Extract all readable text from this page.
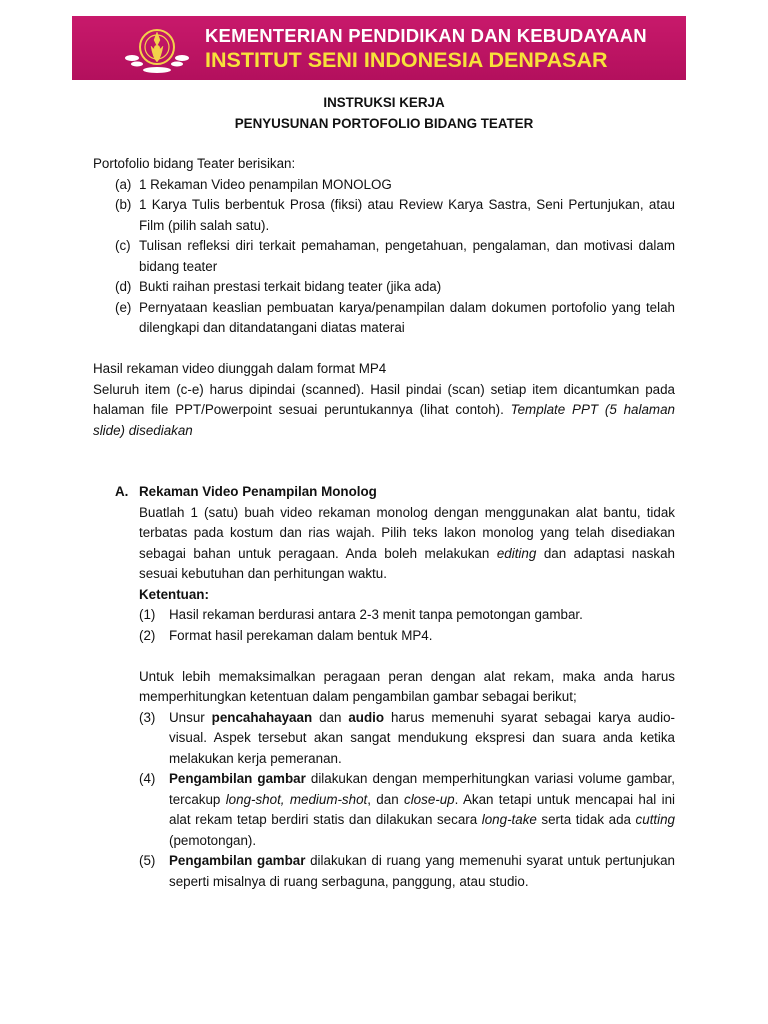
KEMENTERIAN PENDIDIKAN DAN KEBUDAYAAN
INSTITUT SENI INDONESIA DENPASAR

INSTRUKSI KERJA

PENYUSUNAN PORTOFOLIO BIDANG TEATER

Portofolio bidang Teater berisikan:

(a) 1 Rekaman Video penampilan MONOLOG
(b) 1 Karya Tulis berbentuk Prosa (fiksi) atau Review Karya Sastra, Seni Pertunjukan, atau Film (pilih salah satu).
(c) Tulisan refleksi diri terkait pemahaman, pengetahuan, pengalaman, dan motivasi dalam bidang teater
(d) Bukti raihan prestasi terkait bidang teater (jika ada)
(e) Pernyataan keaslian pembuatan karya/penampilan dalam dokumen portofolio yang telah dilengkapi dan ditandatangani diatas materai

Hasil rekaman video diunggah dalam format MP4

Seluruh item (c-e) harus dipindai (scanned). Hasil pindai (scan) setiap item dicantumkan pada halaman file PPT/Powerpoint sesuai peruntukannya (lihat contoh). Template PPT (5 halaman slide) disediakan

A. Rekaman Video Penampilan Monolog

Buatlah 1 (satu) buah video rekaman monolog dengan menggunakan alat bantu, tidak terbatas pada kostum dan rias wajah. Pilih teks lakon monolog yang telah disediakan sebagai bahan untuk peragaan. Anda boleh melakukan editing dan adaptasi naskah sesuai kebutuhan dan perhitungan waktu.

Ketentuan:

(1) Hasil rekaman berdurasi antara 2-3 menit tanpa pemotongan gambar.
(2) Format hasil perekaman dalam bentuk MP4.

Untuk lebih memaksimalkan peragaan peran dengan alat rekam, maka anda harus memperhitungkan ketentuan dalam pengambilan gambar sebagai berikut;

(3) Unsur pencahahayaan dan audio harus memenuhi syarat sebagai karya audio-visual. Aspek tersebut akan sangat mendukung ekspresi dan suara anda ketika melakukan kerja pemeranan.
(4) Pengambilan gambar dilakukan dengan memperhitungkan variasi volume gambar, tercakup long-shot, medium-shot, dan close-up. Akan tetapi untuk mencapai hal ini alat rekam tetap berdiri statis dan dilakukan secara long-take serta tidak ada cutting (pemotongan).
(5) Pengambilan gambar dilakukan di ruang yang memenuhi syarat untuk pertunjukan seperti misalnya di ruang serbaguna, panggung, atau studio.
